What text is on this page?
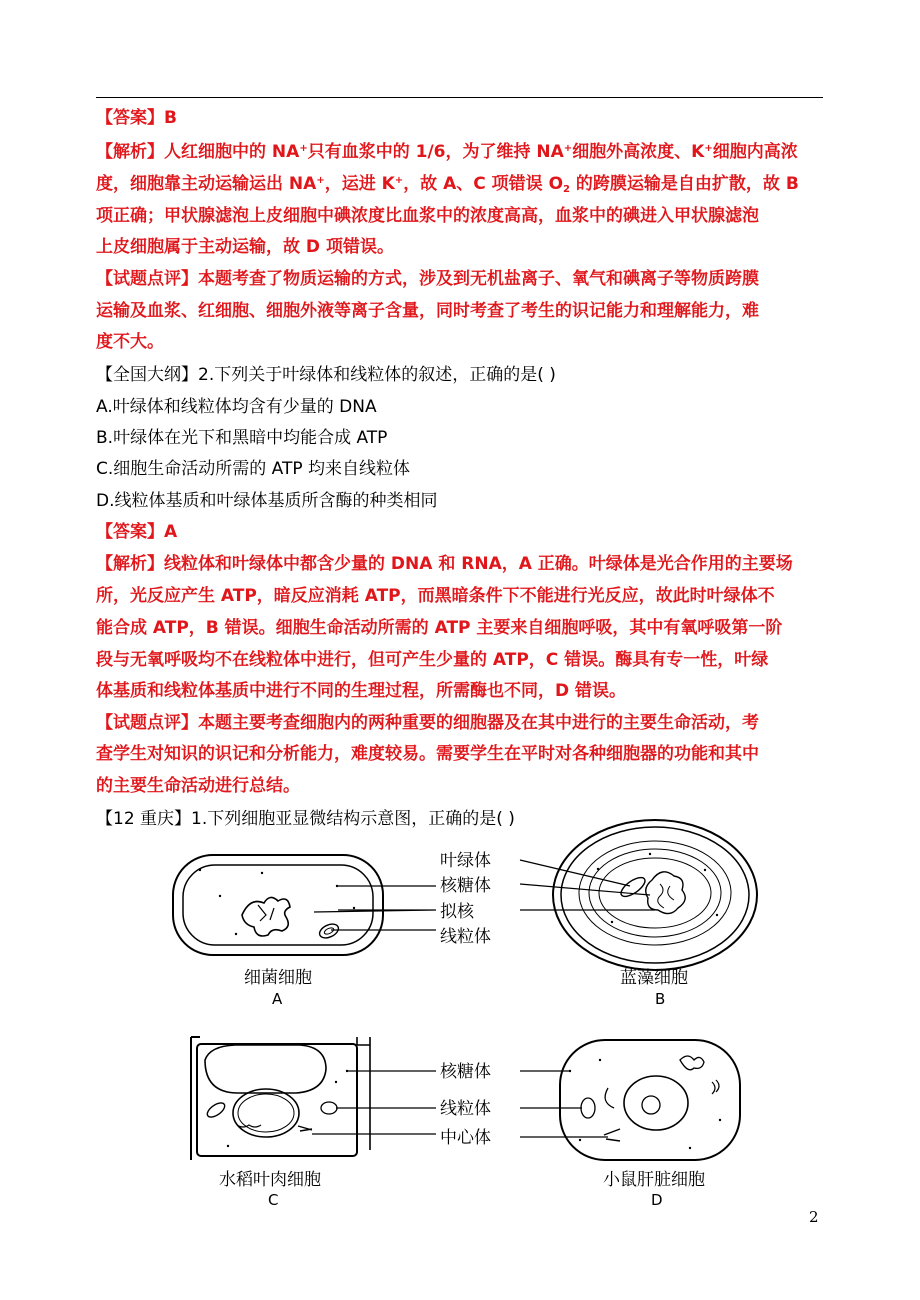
【答案】B
【解析】人红细胞中的 NA+只有血浆中的 1/6，为了维持 NA+细胞外高浓度、K+细胞内高浓
度，细胞靠主动运输运出 NA+，运进 K+，故 A、C 项错误 $O_2$ 的跨膜运输是自由扩散，故 B
项正确；甲状腺滤泡上皮细胞中碘浓度比血浆中的浓度高高，血浆中的碘进入甲状腺滤泡
上皮细胞属于主动运输，故 D 项错误。
【试题点评】本题考查了物质运输的方式，涉及到无机盐离子、氧气和碘离子等物质跨膜
运输及血浆、红细胞、细胞外液等离子含量，同时考查了考生的识记能力和理解能力，难
度不大。
【全国大纲】2.下列关于叶绿体和线粒体的叙述，正确的是( )
A.叶绿体和线粒体均含有少量的 DNA
B.叶绿体在光下和黑暗中均能合成 ATP
C.细胞生命活动所需的 ATP 均来自线粒体
D.线粒体基质和叶绿体基质所含酶的种类相同
【答案】A
【解析】线粒体和叶绿体中都含少量的 DNA 和 RNA，A 正确。叶绿体是光合作用的主要场
所，光反应产生 ATP，暗反应消耗 ATP，而黑暗条件下不能进行光反应，故此时叶绿体不
能合成 ATP，B 错误。细胞生命活动所需的 ATP 主要来自细胞呼吸，其中有氧呼吸第一阶
段与无氧呼吸均不在线粒体中进行，但可产生少量的 ATP，C 错误。酶具有专一性，叶绿
体基质和线粒体基质中进行不同的生理过程，所需酶也不同，D 错误。
【试题点评】本题主要考查细胞内的两种重要的细胞器及在其中进行的主要生命活动，考
查学生对知识的识记和分析能力，难度较易。需要学生在平时对各种细胞器的功能和其中
的主要生命活动进行总结。
【12 重庆】1.下列细胞亚显微结构示意图，正确的是( )
叶绿体
核糖体
拟核
线粒体
核糖体
线粒体
中心体
细菌细胞
A
蓝藻细胞
B
水稻叶肉细胞
C
小鼠肝脏细胞
D
2
